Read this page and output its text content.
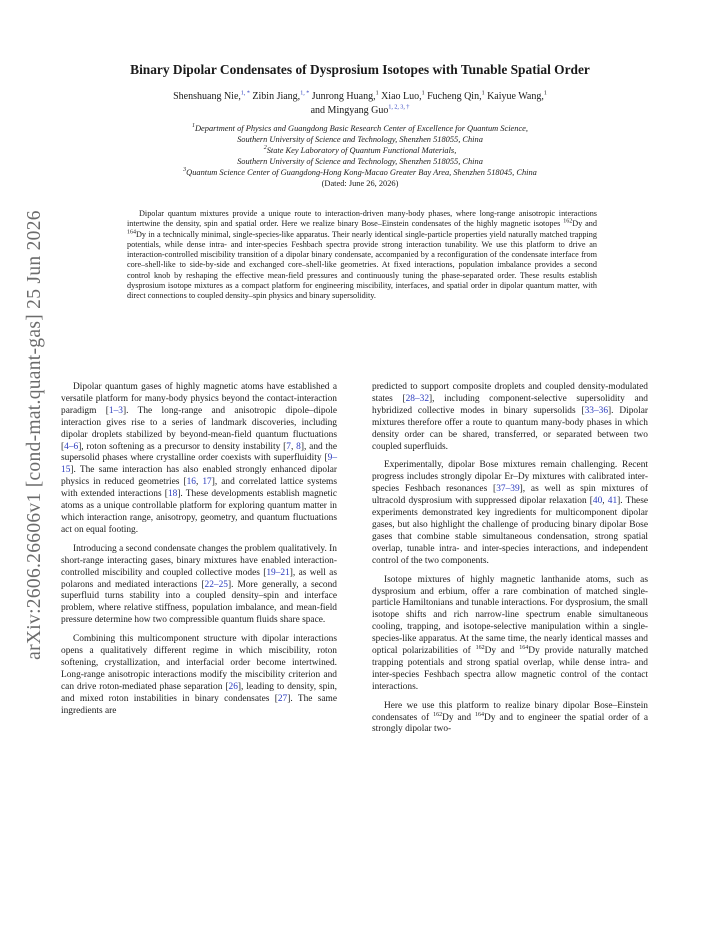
arXiv:2606.26606v1 [cond-mat.quant-gas] 25 Jun 2026
Binary Dipolar Condensates of Dysprosium Isotopes with Tunable Spatial Order
Shenshuang Nie,$^{1, *}$ Zibin Jiang,$^{1, *}$ Junrong Huang,$^1$ Xiao Luo,$^1$ Fucheng Qin,$^1$ Kaiyue Wang,$^1$ and Mingyang Guo$^{1, 2, 3, \dagger}$
$^1$Department of Physics and Guangdong Basic Research Center of Excellence for Quantum Science,
Southern University of Science and Technology, Shenzhen 518055, China
$^2$State Key Laboratory of Quantum Functional Materials,
Southern University of Science and Technology, Shenzhen 518055, China
$^3$Quantum Science Center of Guangdong-Hong Kong-Macao Greater Bay Area, Shenzhen 518045, China
(Dated: June 26, 2026)
Dipolar quantum mixtures provide a unique route to interaction-driven many-body phases, where long-range anisotropic interactions intertwine the density, spin and spatial order. Here we realize binary Bose–Einstein condensates of the highly magnetic isotopes $^{162}$Dy and $^{164}$Dy in a technically minimal, single-species-like apparatus. Their nearly identical single-particle properties yield naturally matched trapping potentials, while dense intra- and inter-species Feshbach spectra provide strong interaction tunability. We use this platform to drive an interaction-controlled miscibility transition of a dipolar binary condensate, accompanied by a reconfiguration of the condensate interface from core–shell-like to side-by-side and exchanged core–shell-like geometries. At fixed interactions, population imbalance provides a second control knob by reshaping the effective mean-field pressures and continuously tuning the phase-separated order. These results establish dysprosium isotope mixtures as a compact platform for engineering miscibility, interfaces, and spatial order in dipolar quantum matter, with direct connections to coupled density–spin physics and binary supersolidity.

Dipolar quantum gases of highly magnetic atoms have established a versatile platform for many-body physics beyond the contact-interaction paradigm [1–3]. The long-range and anisotropic dipole–dipole interaction gives rise to a series of landmark discoveries, including dipolar droplets stabilized by beyond-mean-field quantum fluctuations [4–6], roton softening as a precursor to density instability [7, 8], and the supersolid phases where crystalline order coexists with superfluidity [9–15]. The same interaction has also enabled strongly enhanced dipolar physics in reduced geometries [16, 17], and correlated lattice systems with extended interactions [18]. These developments establish magnetic atoms as a unique controllable platform for exploring quantum matter in which interaction range, anisotropy, geometry, and quantum fluctuations act on equal footing.

Introducing a second condensate changes the problem qualitatively. In short-range interacting gases, binary mixtures have enabled interaction-controlled miscibility and coupled collective modes [19–21], as well as polarons and mediated interactions [22–25]. More generally, a second superfluid turns stability into a coupled density–spin and interface problem, where relative stiffness, population imbalance, and mean-field pressure determine how two compressible quantum fluids share space.

Combining this multicomponent structure with dipolar interactions opens a qualitatively different regime in which miscibility, roton softening, crystallization, and interfacial order become intertwined. Long-range anisotropic interactions modify the miscibility criterion and can drive roton-mediated phase separation [26], leading to density, spin, and mixed roton instabilities in binary condensates [27]. The same ingredients are

predicted to support composite droplets and coupled density-modulated states [28–32], including component-selective supersolidity and hybridized collective modes in binary supersolids [33–36]. Dipolar mixtures therefore offer a route to quantum many-body phases in which density order can be shared, transferred, or separated between two coupled superfluids.

Experimentally, dipolar Bose mixtures remain challenging. Recent progress includes strongly dipolar Er–Dy mixtures with calibrated inter-species Feshbach resonances [37–39], as well as spin mixtures of ultracold dysprosium with suppressed dipolar relaxation [40, 41]. These experiments demonstrated key ingredients for multicomponent dipolar gases, but also highlight the challenge of producing binary dipolar Bose gases that combine stable simultaneous condensation, strong spatial overlap, tunable intra- and inter-species interactions, and independent control of the two components.

Isotope mixtures of highly magnetic lanthanide atoms, such as dysprosium and erbium, offer a rare combination of matched single-particle Hamiltonians and tunable interactions. For dysprosium, the small isotope shifts and rich narrow-line spectrum enable simultaneous cooling, trapping, and isotope-selective manipulation within a single-species-like apparatus. At the same time, the nearly identical masses and optical polarizabilities of $^{162}$Dy and $^{164}$Dy provide naturally matched trapping potentials and strong spatial overlap, while dense intra- and inter-species Feshbach spectra allow magnetic control of the contact interactions.

Here we use this platform to realize binary dipolar Bose–Einstein condensates of $^{162}$Dy and $^{164}$Dy and to engineer the spatial order of a strongly dipolar two-
